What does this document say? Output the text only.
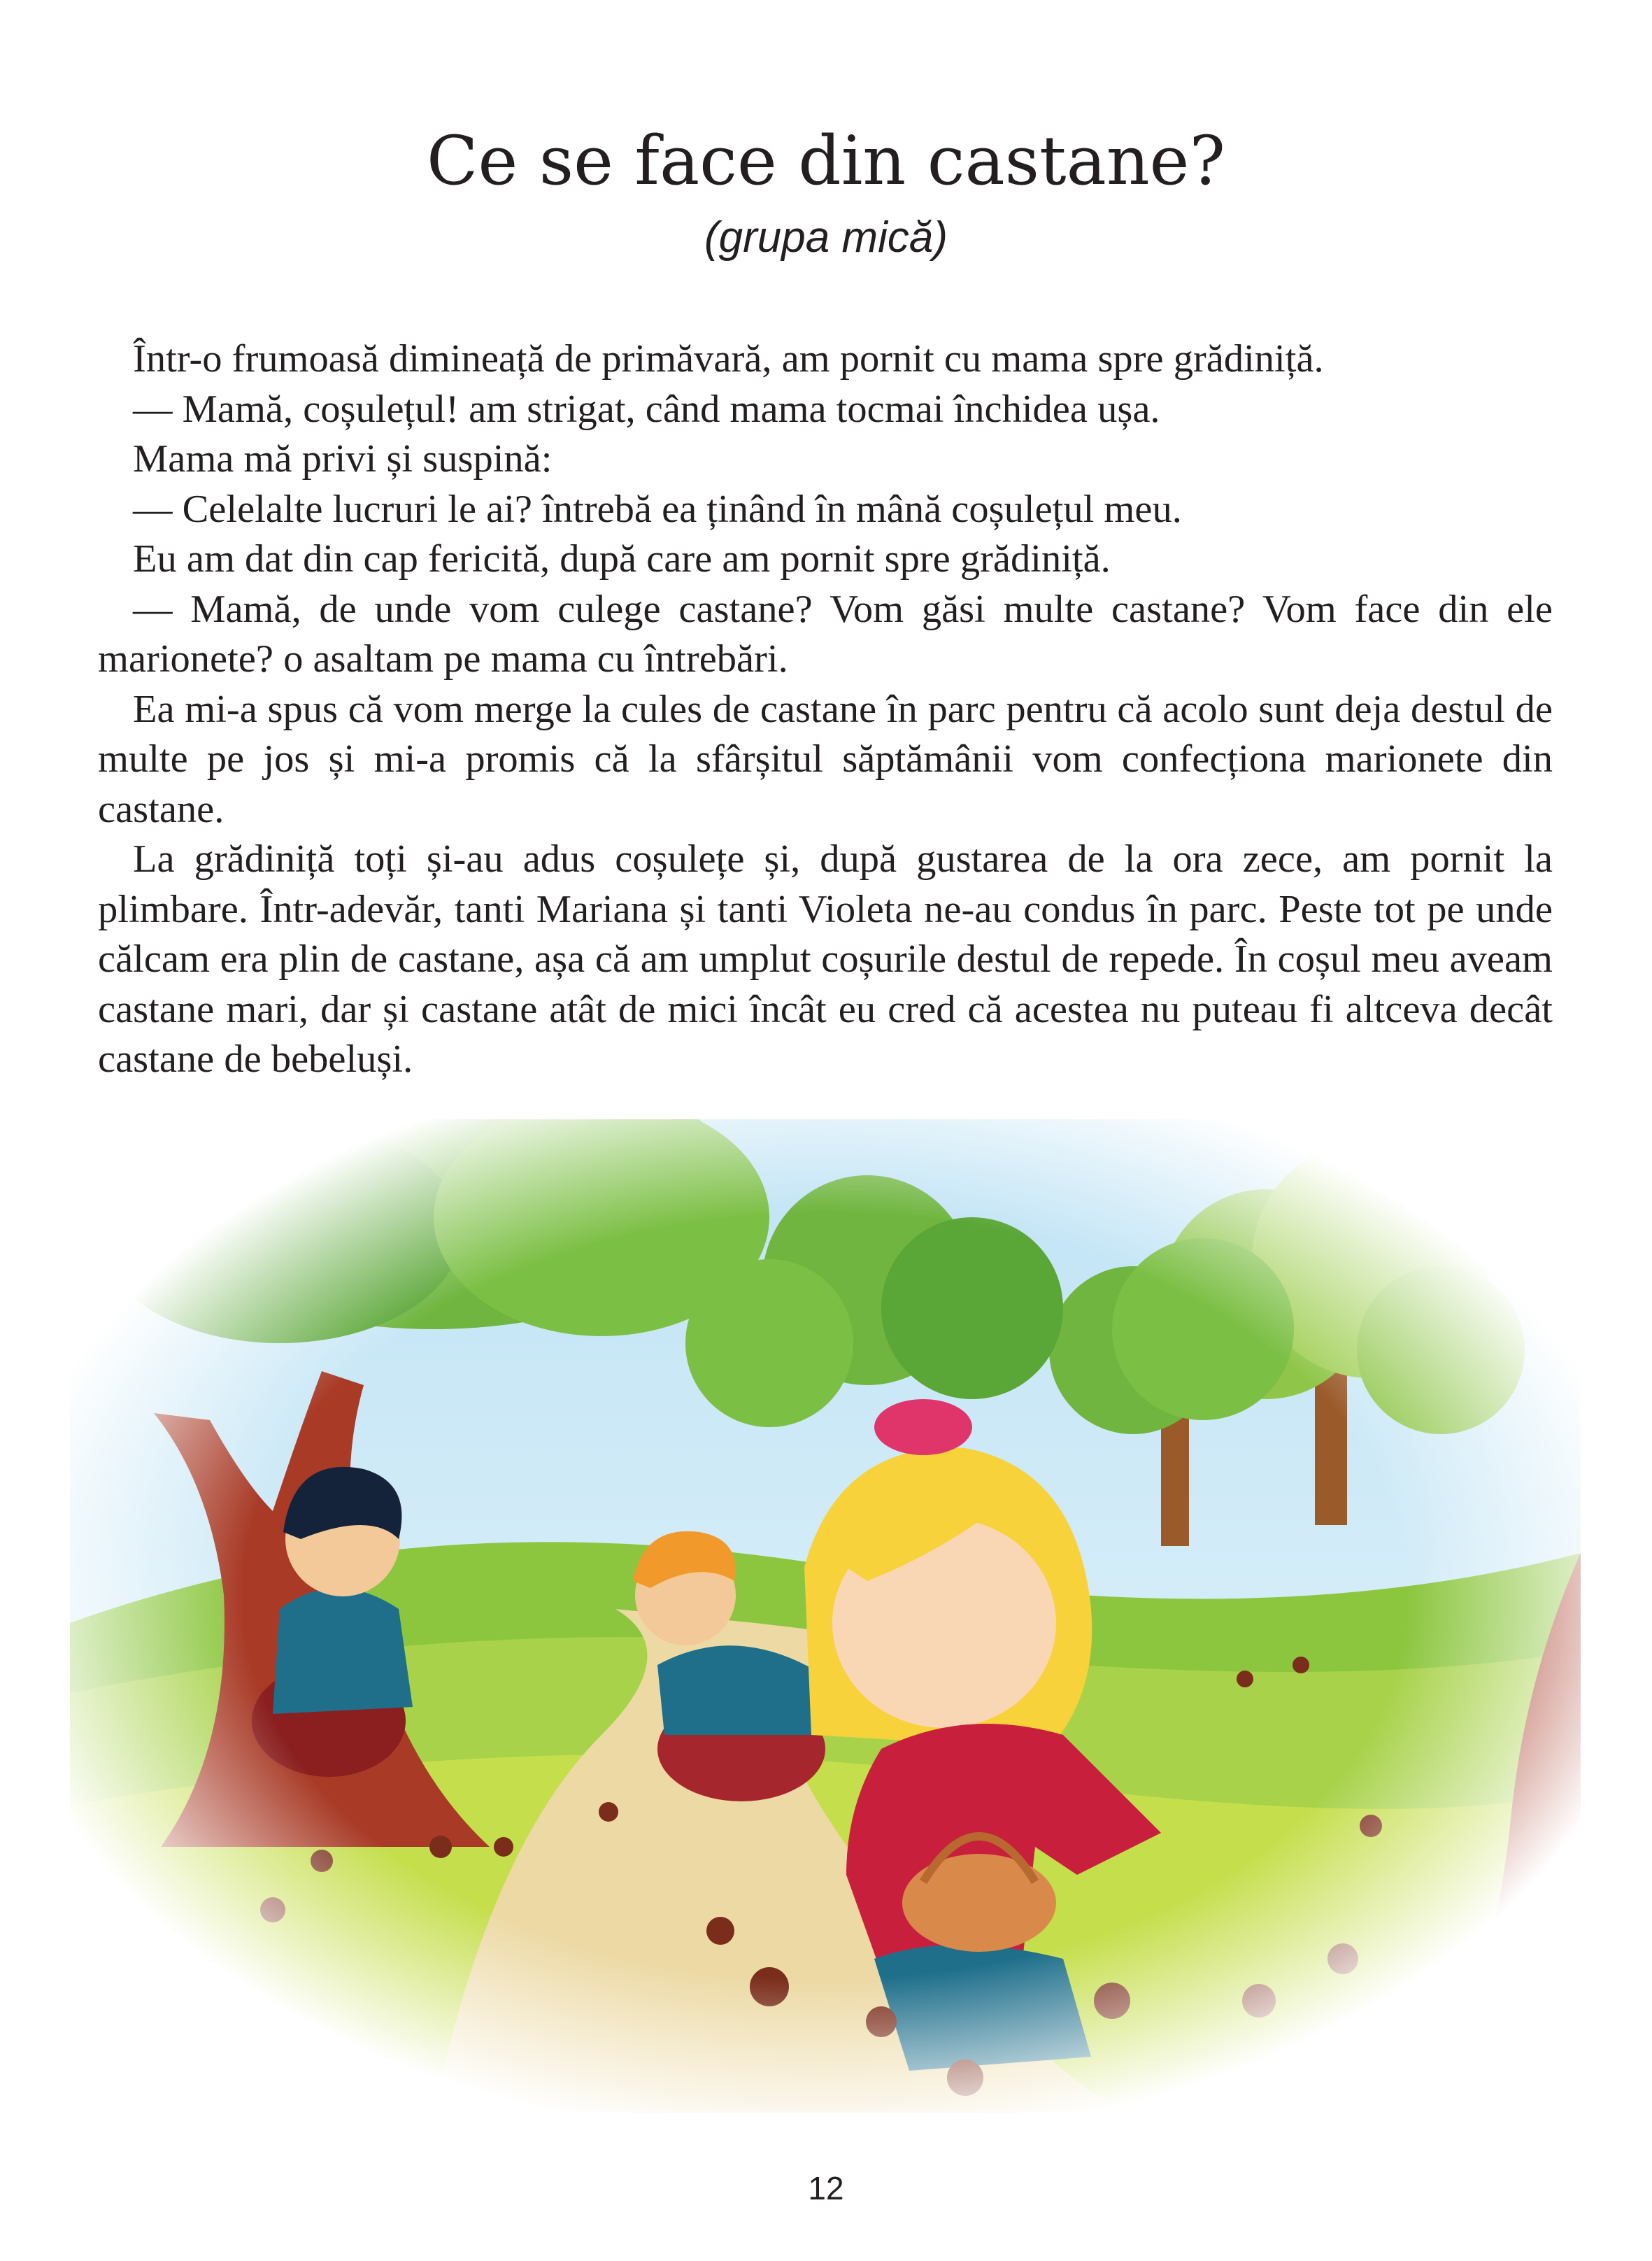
Ce se face din castane?
(grupa mică)

Într-o frumoasă dimineață de primăvară, am pornit cu mama spre grădiniță.

— Mamă, coșulețul! am strigat, când mama tocmai închidea ușa.

Mama mă privi și suspină:

— Celelalte lucruri le ai? întrebă ea ținând în mână coșulețul meu.

Eu am dat din cap fericită, după care am pornit spre grădiniță.

— Mamă, de unde vom culege castane? Vom găsi multe castane? Vom face din ele marionete? o asaltam pe mama cu întrebări.

Ea mi-a spus că vom merge la cules de castane în parc pentru că acolo sunt deja destul de multe pe jos și mi-a promis că la sfârșitul săptămânii vom confecționa marionete din castane.

La grădiniță toți și-au adus coșulețe și, după gustarea de la ora zece, am pornit la plimbare. Într-adevăr, tanti Mariana și tanti Violeta ne-au condus în parc. Peste tot pe unde călcam era plin de castane, așa că am umplut coșurile destul de repede. În coșul meu aveam castane mari, dar și castane atât de mici încât eu cred că acestea nu puteau fi altceva decât castane de bebeluși.

12
